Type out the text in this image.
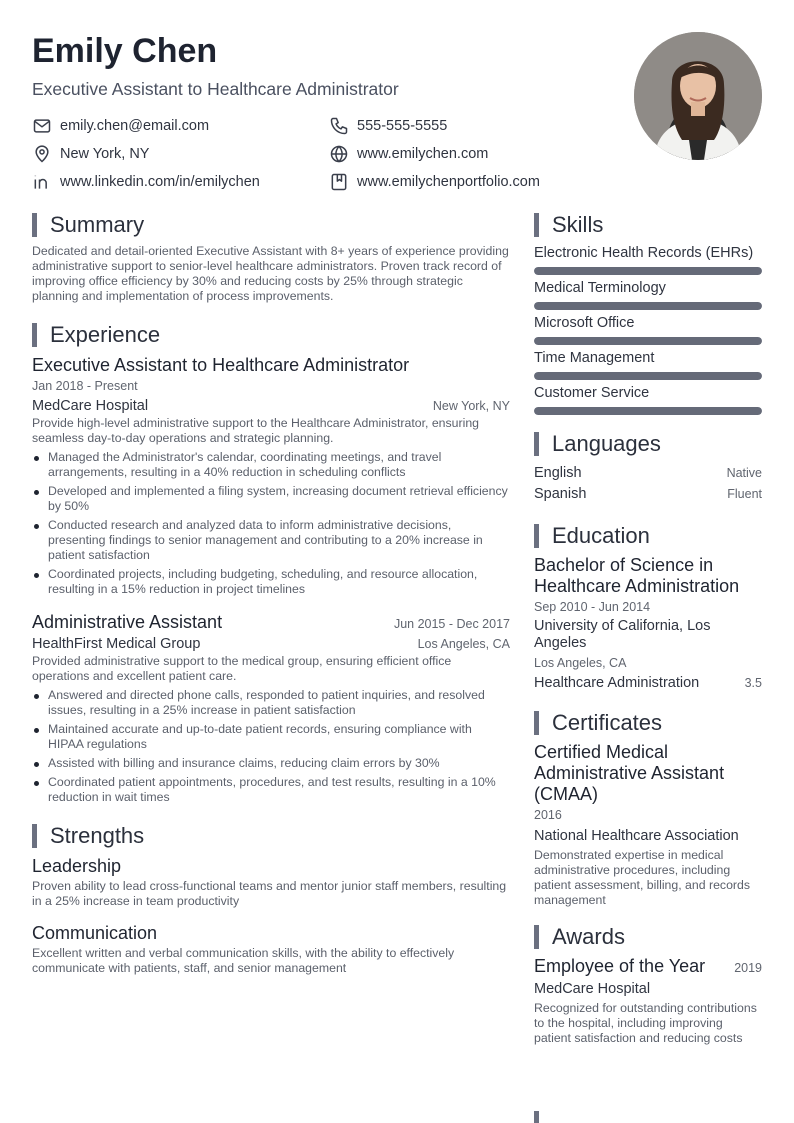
Emily Chen
Executive Assistant to Healthcare Administrator
emily.chen@email.com	555-555-5555
New York, NY	www.emilychen.com
www.linkedin.com/in/emilychen	www.emilychenportfolio.com
Summary
Dedicated and detail-oriented Executive Assistant with 8+ years of experience providing administrative support to senior-level healthcare administrators. Proven track record of improving office efficiency by 30% and reducing costs by 25% through strategic planning and implementation of process improvements.
Experience
Executive Assistant to Healthcare Administrator
Jan 2018 - Present
MedCare Hospital	New York, NY
Provide high-level administrative support to the Healthcare Administrator, ensuring seamless day-to-day operations and strategic planning.
Managed the Administrator's calendar, coordinating meetings, and travel arrangements, resulting in a 40% reduction in scheduling conflicts
Developed and implemented a filing system, increasing document retrieval efficiency by 50%
Conducted research and analyzed data to inform administrative decisions, presenting findings to senior management and contributing to a 20% increase in patient satisfaction
Coordinated projects, including budgeting, scheduling, and resource allocation, resulting in a 15% reduction in project timelines
Administrative Assistant	Jun 2015 - Dec 2017
HealthFirst Medical Group	Los Angeles, CA
Provided administrative support to the medical group, ensuring efficient office operations and excellent patient care.
Answered and directed phone calls, responded to patient inquiries, and resolved issues, resulting in a 25% increase in patient satisfaction
Maintained accurate and up-to-date patient records, ensuring compliance with HIPAA regulations
Assisted with billing and insurance claims, reducing claim errors by 30%
Coordinated patient appointments, procedures, and test results, resulting in a 10% reduction in wait times
Strengths
Leadership
Proven ability to lead cross-functional teams and mentor junior staff members, resulting in a 25% increase in team productivity
Communication
Excellent written and verbal communication skills, with the ability to effectively communicate with patients, staff, and senior management
Skills
Electronic Health Records (EHRs)
Medical Terminology
Microsoft Office
Time Management
Customer Service
Languages
English	Native
Spanish	Fluent
Education
Bachelor of Science in Healthcare Administration
Sep 2010 - Jun 2014
University of California, Los Angeles
Los Angeles, CA
Healthcare Administration	3.5
Certificates
Certified Medical Administrative Assistant (CMAA)
2016
National Healthcare Association
Demonstrated expertise in medical administrative procedures, including patient assessment, billing, and records management
Awards
Employee of the Year 2019
MedCare Hospital
Recognized for outstanding contributions to the hospital, including improving patient satisfaction and reducing costs
